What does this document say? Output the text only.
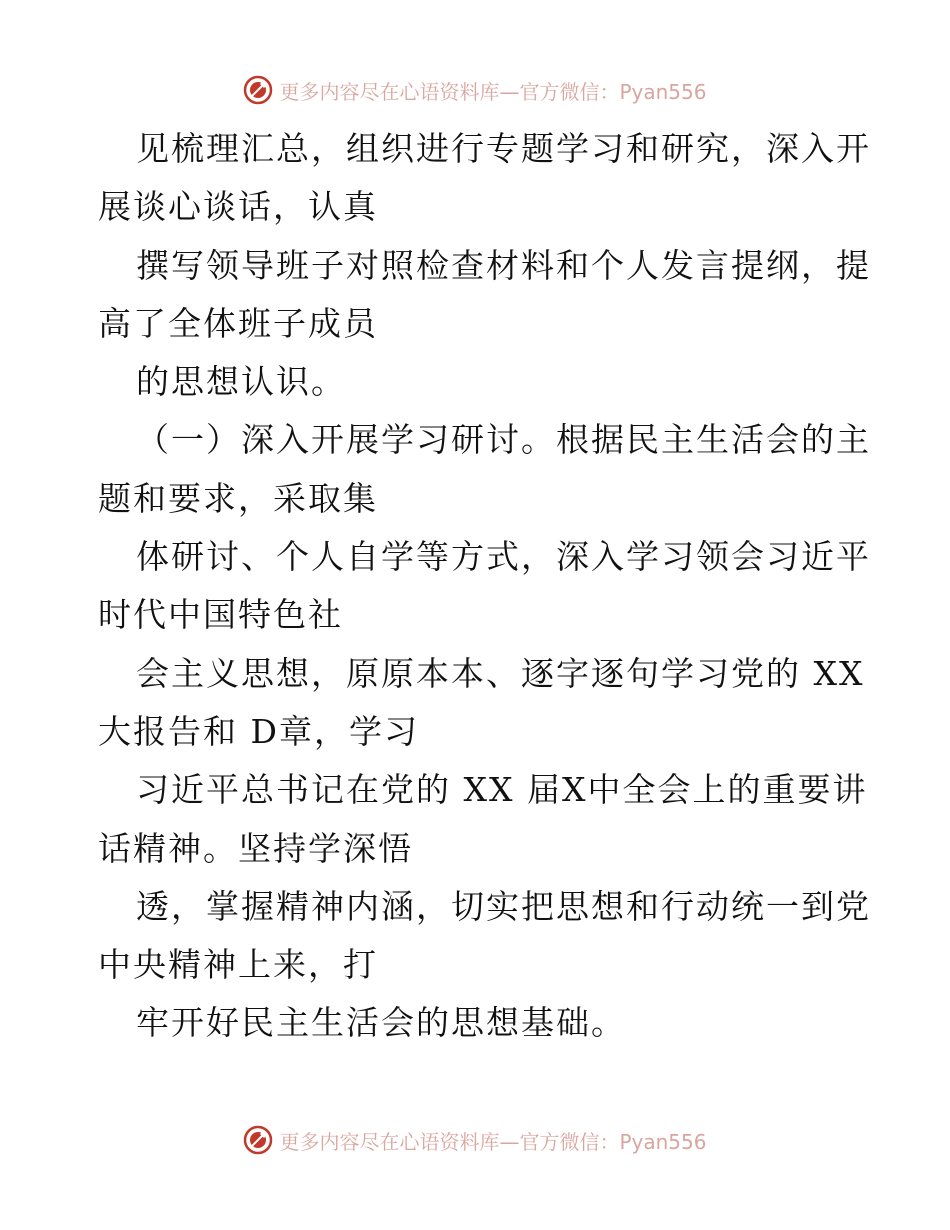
更多内容尽在心语资料库—官方微信：Pyan556
见梳理汇总，组织进行专题学习和研究，深入开
展谈心谈话，认真
撰写领导班子对照检查材料和个人发言提纲，提
高了全体班子成员
的思想认识。
（一）深入开展学习研讨。根据民主生活会的主
题和要求，采取集
体研讨、个人自学等方式，深入学习领会习近平
时代中国特色社
会主义思想，原原本本、逐字逐句学习党的 XX
大报告和 D章，学习
习近平总书记在党的 XX 届X中全会上的重要讲
话精神。坚持学深悟
透，掌握精神内涵，切实把思想和行动统一到党
中央精神上来，打
牢开好民主生活会的思想基础。
更多内容尽在心语资料库—官方微信：Pyan556
